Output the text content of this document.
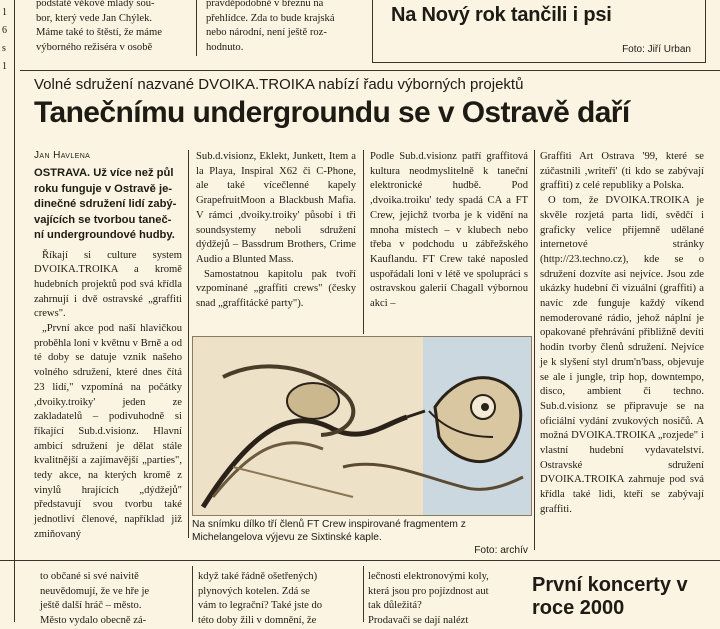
1
6
s
1
podstatě věkově mladý sou-
bor, který vede Jan Chýlek.
Máme také to štěstí, že máme
výborného režiséra v osobě
pravděpodobně v březnu na
přehlídce. Zda to bude krajská
nebo národní, není ještě roz-
hodnuto.
Na Nový rok tančili i psi
Foto: Jiří Urban
Volné sdružení nazvané DVOIKA.TROIKA nabízí řadu výborných projektů
Tanečnímu undergroundu se v Ostravě daří
Jan Havlena
OSTRAVA. Už více než půl
roku funguje v Ostravě je-
dinečné sdružení lidí zabý-
vajících se tvorbou taneč-
ní undergroundové hudby.

Říkají si culture system DVOIKA.TROIKA a kromě hudebních projektů pod svá křídla zahrnují i dvě ostravské „graffiti crews".

„První akce pod naší hlavičkou proběhla loni v květnu v Brně a od té doby se datuje vznik našeho volného sdružení, které dnes čítá 23 lidí," vzpomíná na počátky ,dvoiky.troiky' jeden ze zakladatelů – podivuhodně si říkající Sub.d.visionz. Hlavní ambicí sdružení je dělat stále kvalitnější a zajímavější „parties", tedy akce, na kterých kromě z vinylů hrajících „dýdžejů" představují svou tvorbu také jednotliví členové, například již zmiňovaný

Sub.d.visionz, Eklekt, Junkett, Item a la Playa, Inspiral X62 či C-Phone, ale také vícečlenné kapely GrapefruitMoon a Blackbush Mafia. V rámci ,dvoiky.troiky' působí i tři soundsystemy neboli sdružení dýdžejů – Bassdrum Brothers, Crime Audio a Blunted Mass.

Samostatnou kapitolu pak tvoří vzpomínané „graffiti crews" (česky snad „graffitácké party").

Podle Sub.d.visionz patří graffitová kultura neodmyslitelně k taneční elektronické hudbě. Pod ,dvoika.troiku' tedy spadá CA a FT Crew, jejichž tvorba je k vidění na mnoha místech – v klubech nebo třeba v podchodu u zábřežského Kauflandu. FT Crew také naposled uspořádali loni v létě ve spolupráci s ostravskou galerií Chagall výbornou akci –

Graffiti Art Ostrava '99, které se zúčastnili ,writeři' (ti kdo se zabývají graffiti) z celé republiky a Polska.

O tom, že DVOIKA.TROIKA je skvěle rozjetá parta lidí, svědčí i graficky velice příjemně udělané internetové stránky (http://23.techno.cz), kde se o sdružení dozvíte asi nejvíce. Jsou zde ukázky hudební či vizuální (graffiti) a navíc zde funguje každý víkend nemoderované rádio, jehož náplní je opakované přehrávání přibližně devíti hodin tvorby členů sdružení. Nejvíce je k slyšení styl drum'n'bass, objevuje se ale i jungle, trip hop, downtempo, disco, ambient či techno. Sub.d.visionz se připravuje se na oficiální vydání zvukových nosičů. A možná DVOIKA.TROIKA „rozjede" i vlastní hudební vydavatelství. Ostravské sdružení DVOIKA.TROIKA zahrnuje pod svá křídla také lidi, kteří se zabývají graffiti.

Na snímku dílko tří členů FT Crew inspirované fragmentem z Michelangelova výjevu ze Sixtinské kaple.
Foto: archív
to občané si své naivitě
neuvědomují, že ve hře je
ještě další hráč – město.
Město vydalo obecně zá-
když také řádně ošetřených)
plynových kotelen. Zdá se
vám to legrační? Také jste do
této doby žili v domnění, že
lečnosti elektronovými koly,
která jsou pro pojízdnost aut
tak důležitá?
Prodavači se dají nalézt
První koncerty v roce 2000
